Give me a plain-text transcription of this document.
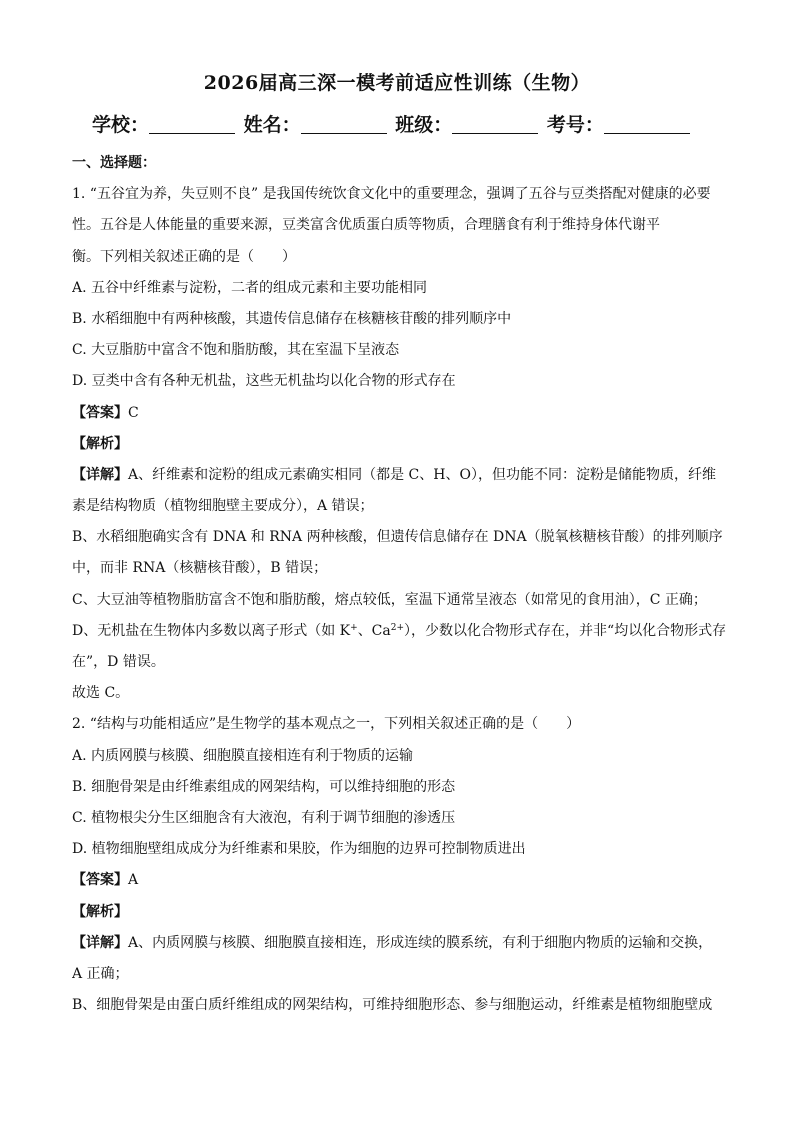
2026届高三深一模考前适应性训练（生物）
学校：	姓名：	班级：	考号：
一、选择题：
1. “五谷宜为养，失豆则不良” 是我国传统饮食文化中的重要理念，强调了五谷与豆类搭配对健康的必要
性。五谷是人体能量的重要来源，豆类富含优质蛋白质等物质，合理膳食有利于维持身体代谢平
衡。下列相关叙述正确的是（　　）
A. 五谷中纤维素与淀粉，二者的组成元素和主要功能相同
B. 水稻细胞中有两种核酸，其遗传信息储存在核糖核苷酸的排列顺序中
C. 大豆脂肪中富含不饱和脂肪酸，其在室温下呈液态
D. 豆类中含有各种无机盐，这些无机盐均以化合物的形式存在
【答案】C
【解析】
【详解】A、纤维素和淀粉的组成元素确实相同（都是 C、H、O），但功能不同：淀粉是储能物质，纤维
素是结构物质（植物细胞壁主要成分），A 错误；
B、水稻细胞确实含有 DNA 和 RNA 两种核酸，但遗传信息储存在 DNA（脱氧核糖核苷酸）的排列顺序
中，而非 RNA（核糖核苷酸），B 错误；
C、大豆油等植物脂肪富含不饱和脂肪酸，熔点较低，室温下通常呈液态（如常见的食用油），C 正确；
D、无机盐在生物体内多数以离子形式（如 K+、$Ca^{2+}$），少数以化合物形式存在，并非“均以化合物形式存
在”，D 错误。
故选 C。
2. “结构与功能相适应”是生物学的基本观点之一，下列相关叙述正确的是（　　）
A. 内质网膜与核膜、细胞膜直接相连有利于物质的运输
B. 细胞骨架是由纤维素组成的网架结构，可以维持细胞的形态
C. 植物根尖分生区细胞含有大液泡，有利于调节细胞的渗透压
D. 植物细胞壁组成成分为纤维素和果胶，作为细胞的边界可控制物质进出
【答案】A
【解析】
【详解】A、内质网膜与核膜、细胞膜直接相连，形成连续的膜系统，有利于细胞内物质的运输和交换，
A 正确；
B、细胞骨架是由蛋白质纤维组成的网架结构，可维持细胞形态、参与细胞运动，纤维素是植物细胞壁成
